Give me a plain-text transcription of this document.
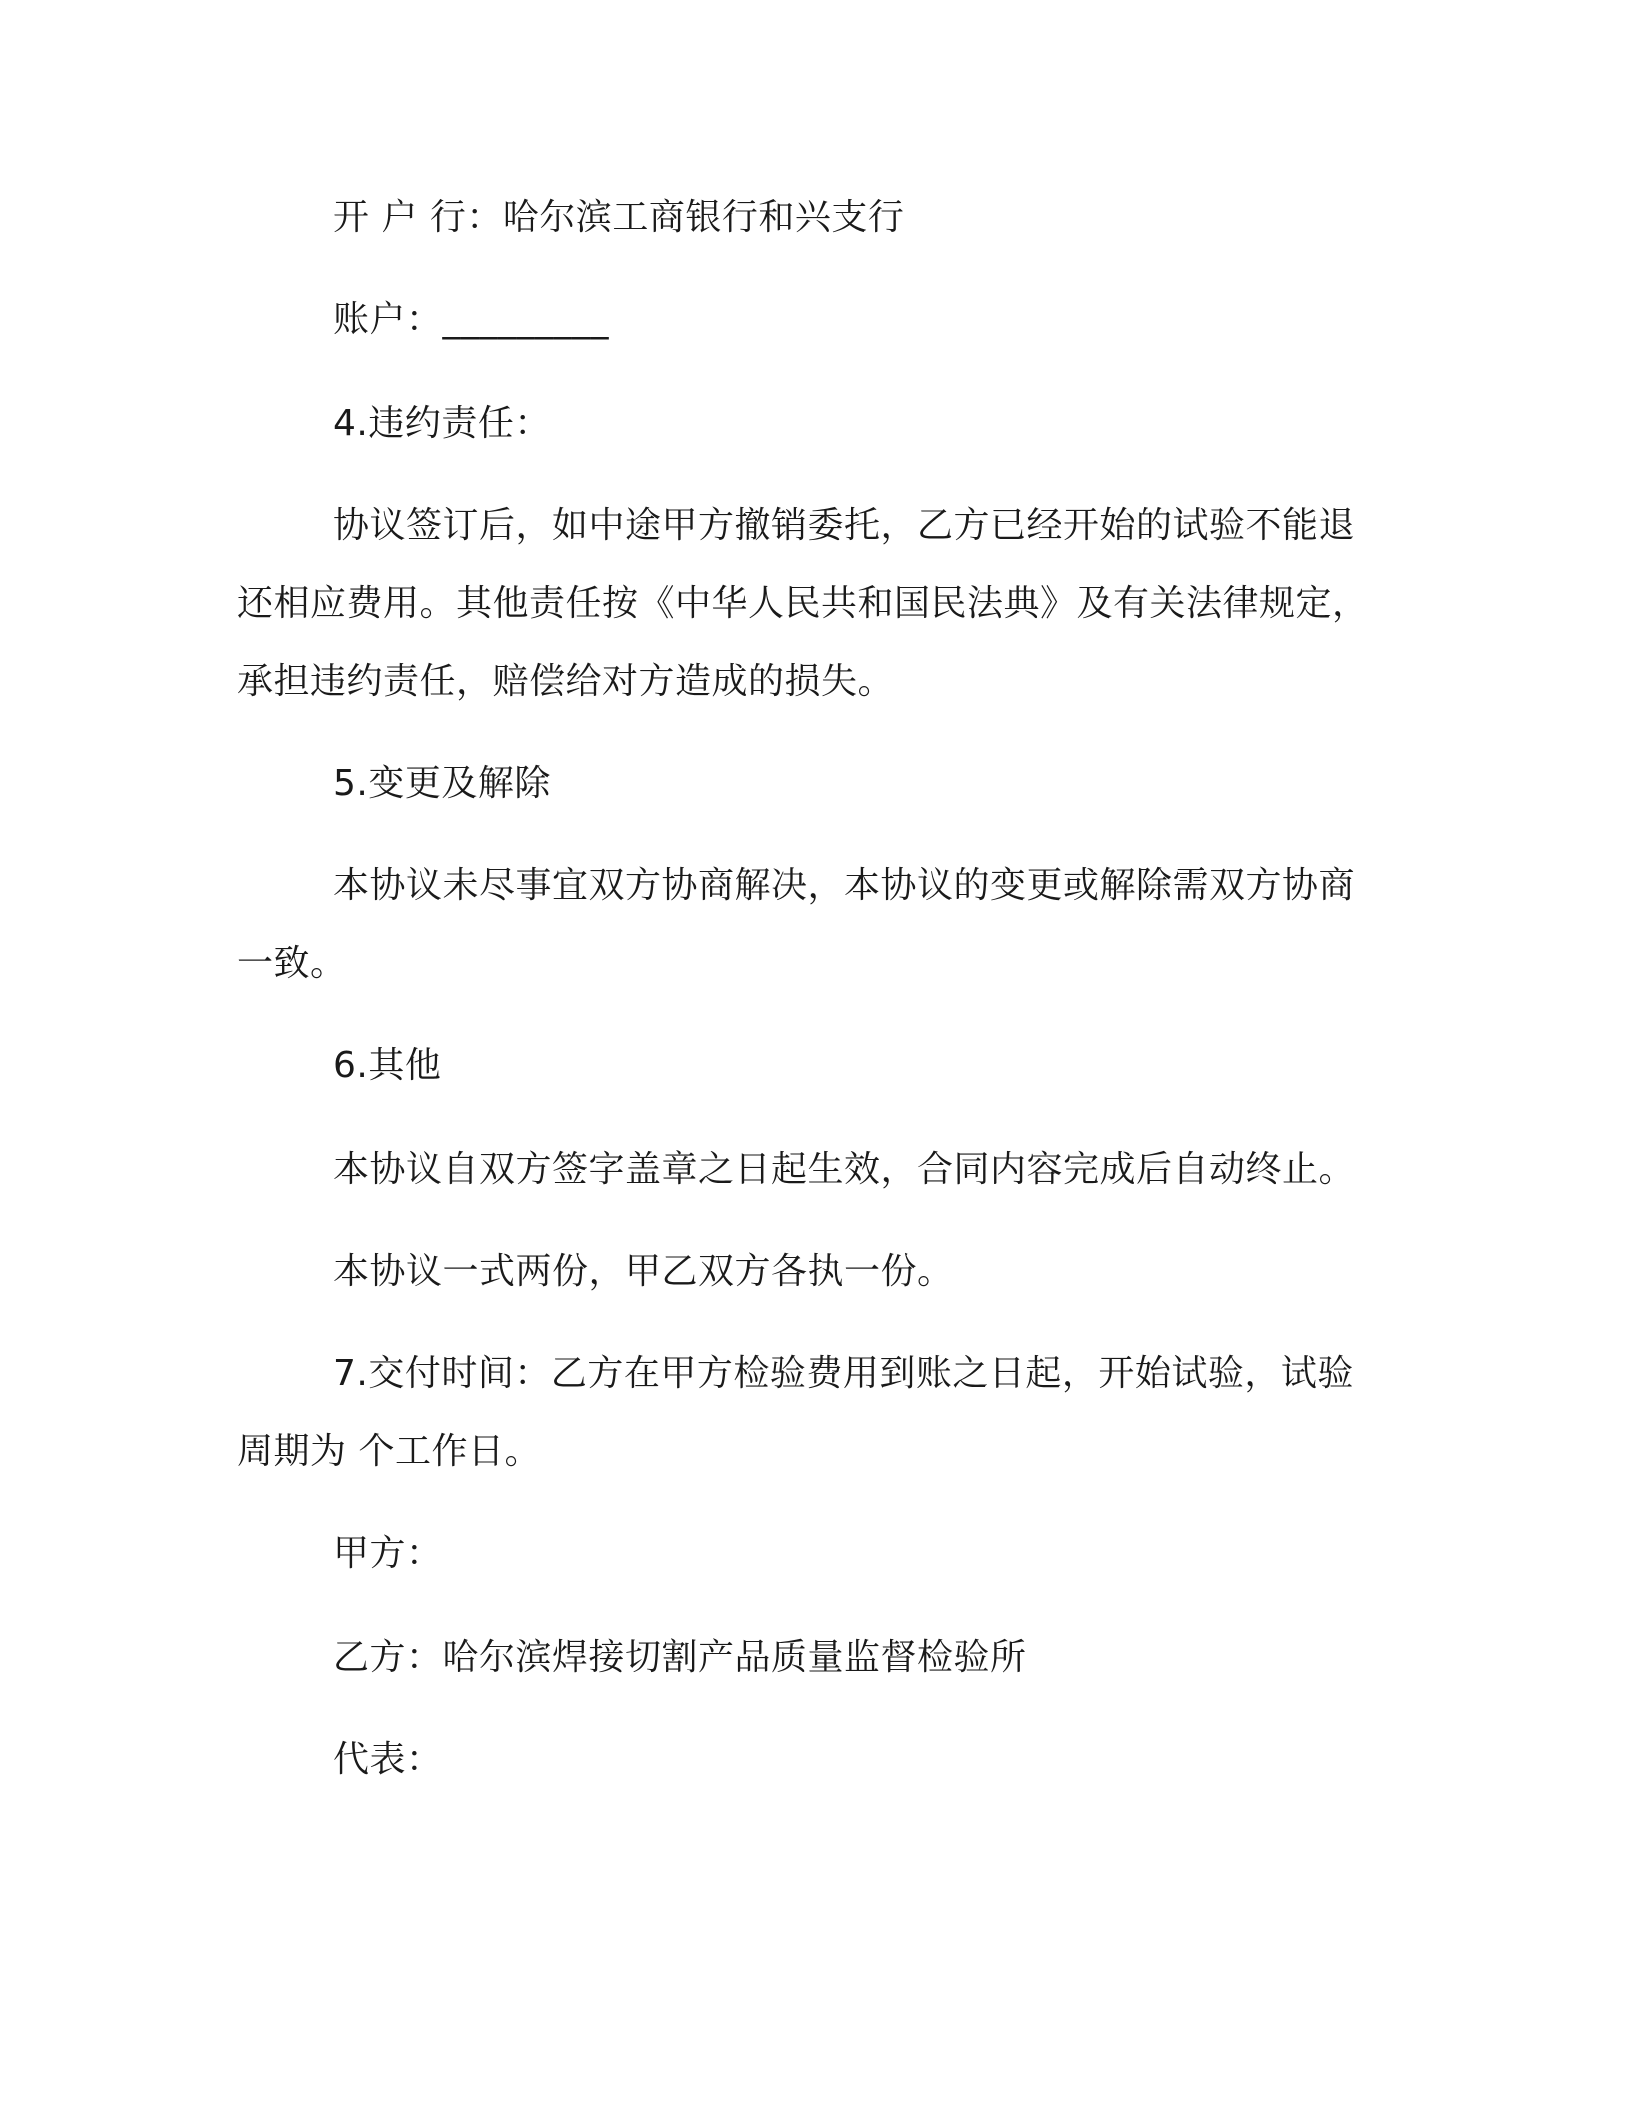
开 户 行：哈尔滨工商银行和兴支行
账户：_________
4.违约责任：
协议签订后，如中途甲方撤销委托，乙方已经开始的试验不能退
还相应费用。其他责任按《中华人民共和国民法典》及有关法律规定，
承担违约责任，赔偿给对方造成的损失。
5.变更及解除
本协议未尽事宜双方协商解决，本协议的变更或解除需双方协商
一致。
6.其他
本协议自双方签字盖章之日起生效，合同内容完成后自动终止。
本协议一式两份，甲乙双方各执一份。
7.交付时间：乙方在甲方检验费用到账之日起，开始试验，试验
周期为 个工作日。
甲方：
乙方：哈尔滨焊接切割产品质量监督检验所
代表：
